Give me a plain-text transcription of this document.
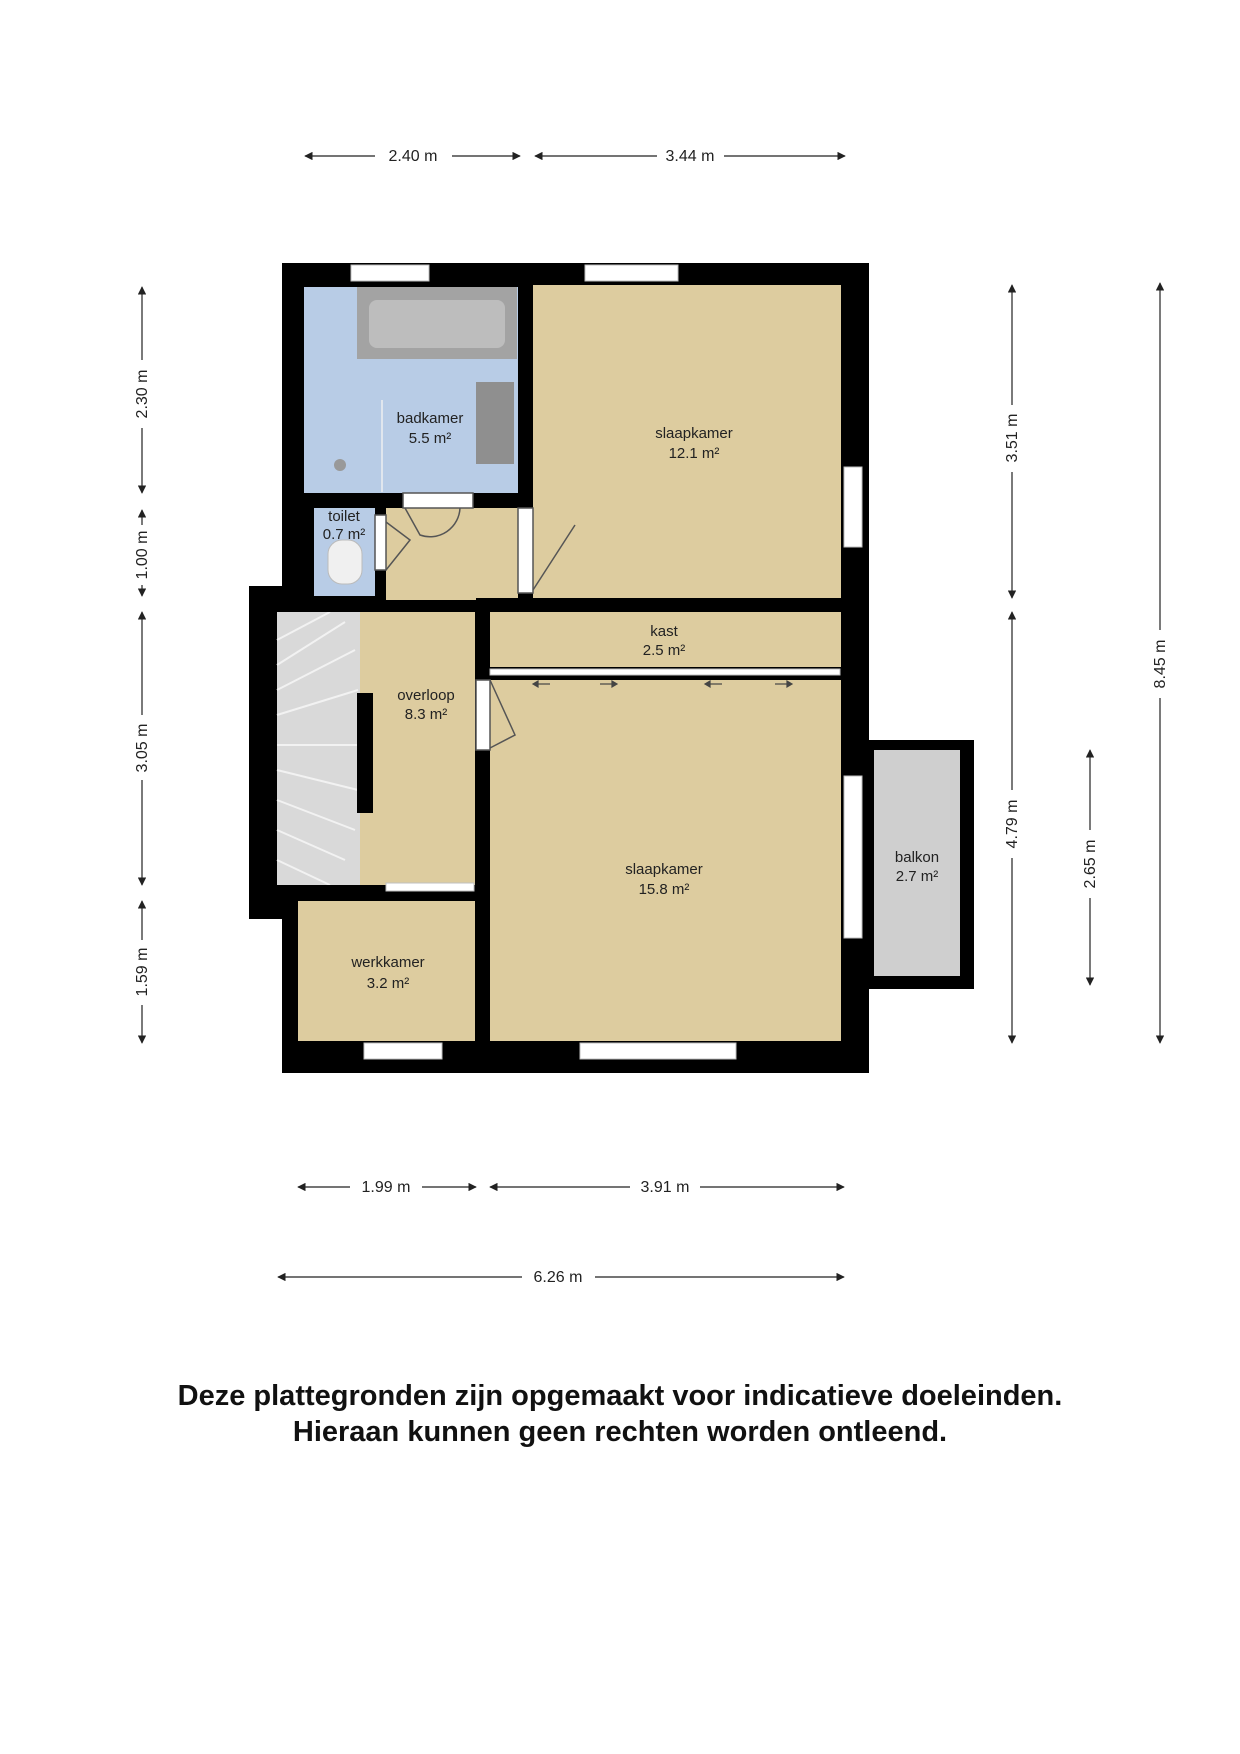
badkamer
5.5 m²	slaapkamer
12.1 m²
toilet
0.7 m²
kast
2.5 m²
overloop
8.3 m²
slaapkamer
15.8 m²
balkon
2.7 m²
werkkamer
3.2 m²
2.40 m	3.44 m
1.99 m	3.91 m
6.26 m
2.30 m
1.00 m
3.05 m
1.59 m
3.51 m
4.79 m
2.65 m
8.45 m
Deze plattegronden zijn opgemaakt voor indicatieve doeleinden.
Hieraan kunnen geen rechten worden ontleend.
